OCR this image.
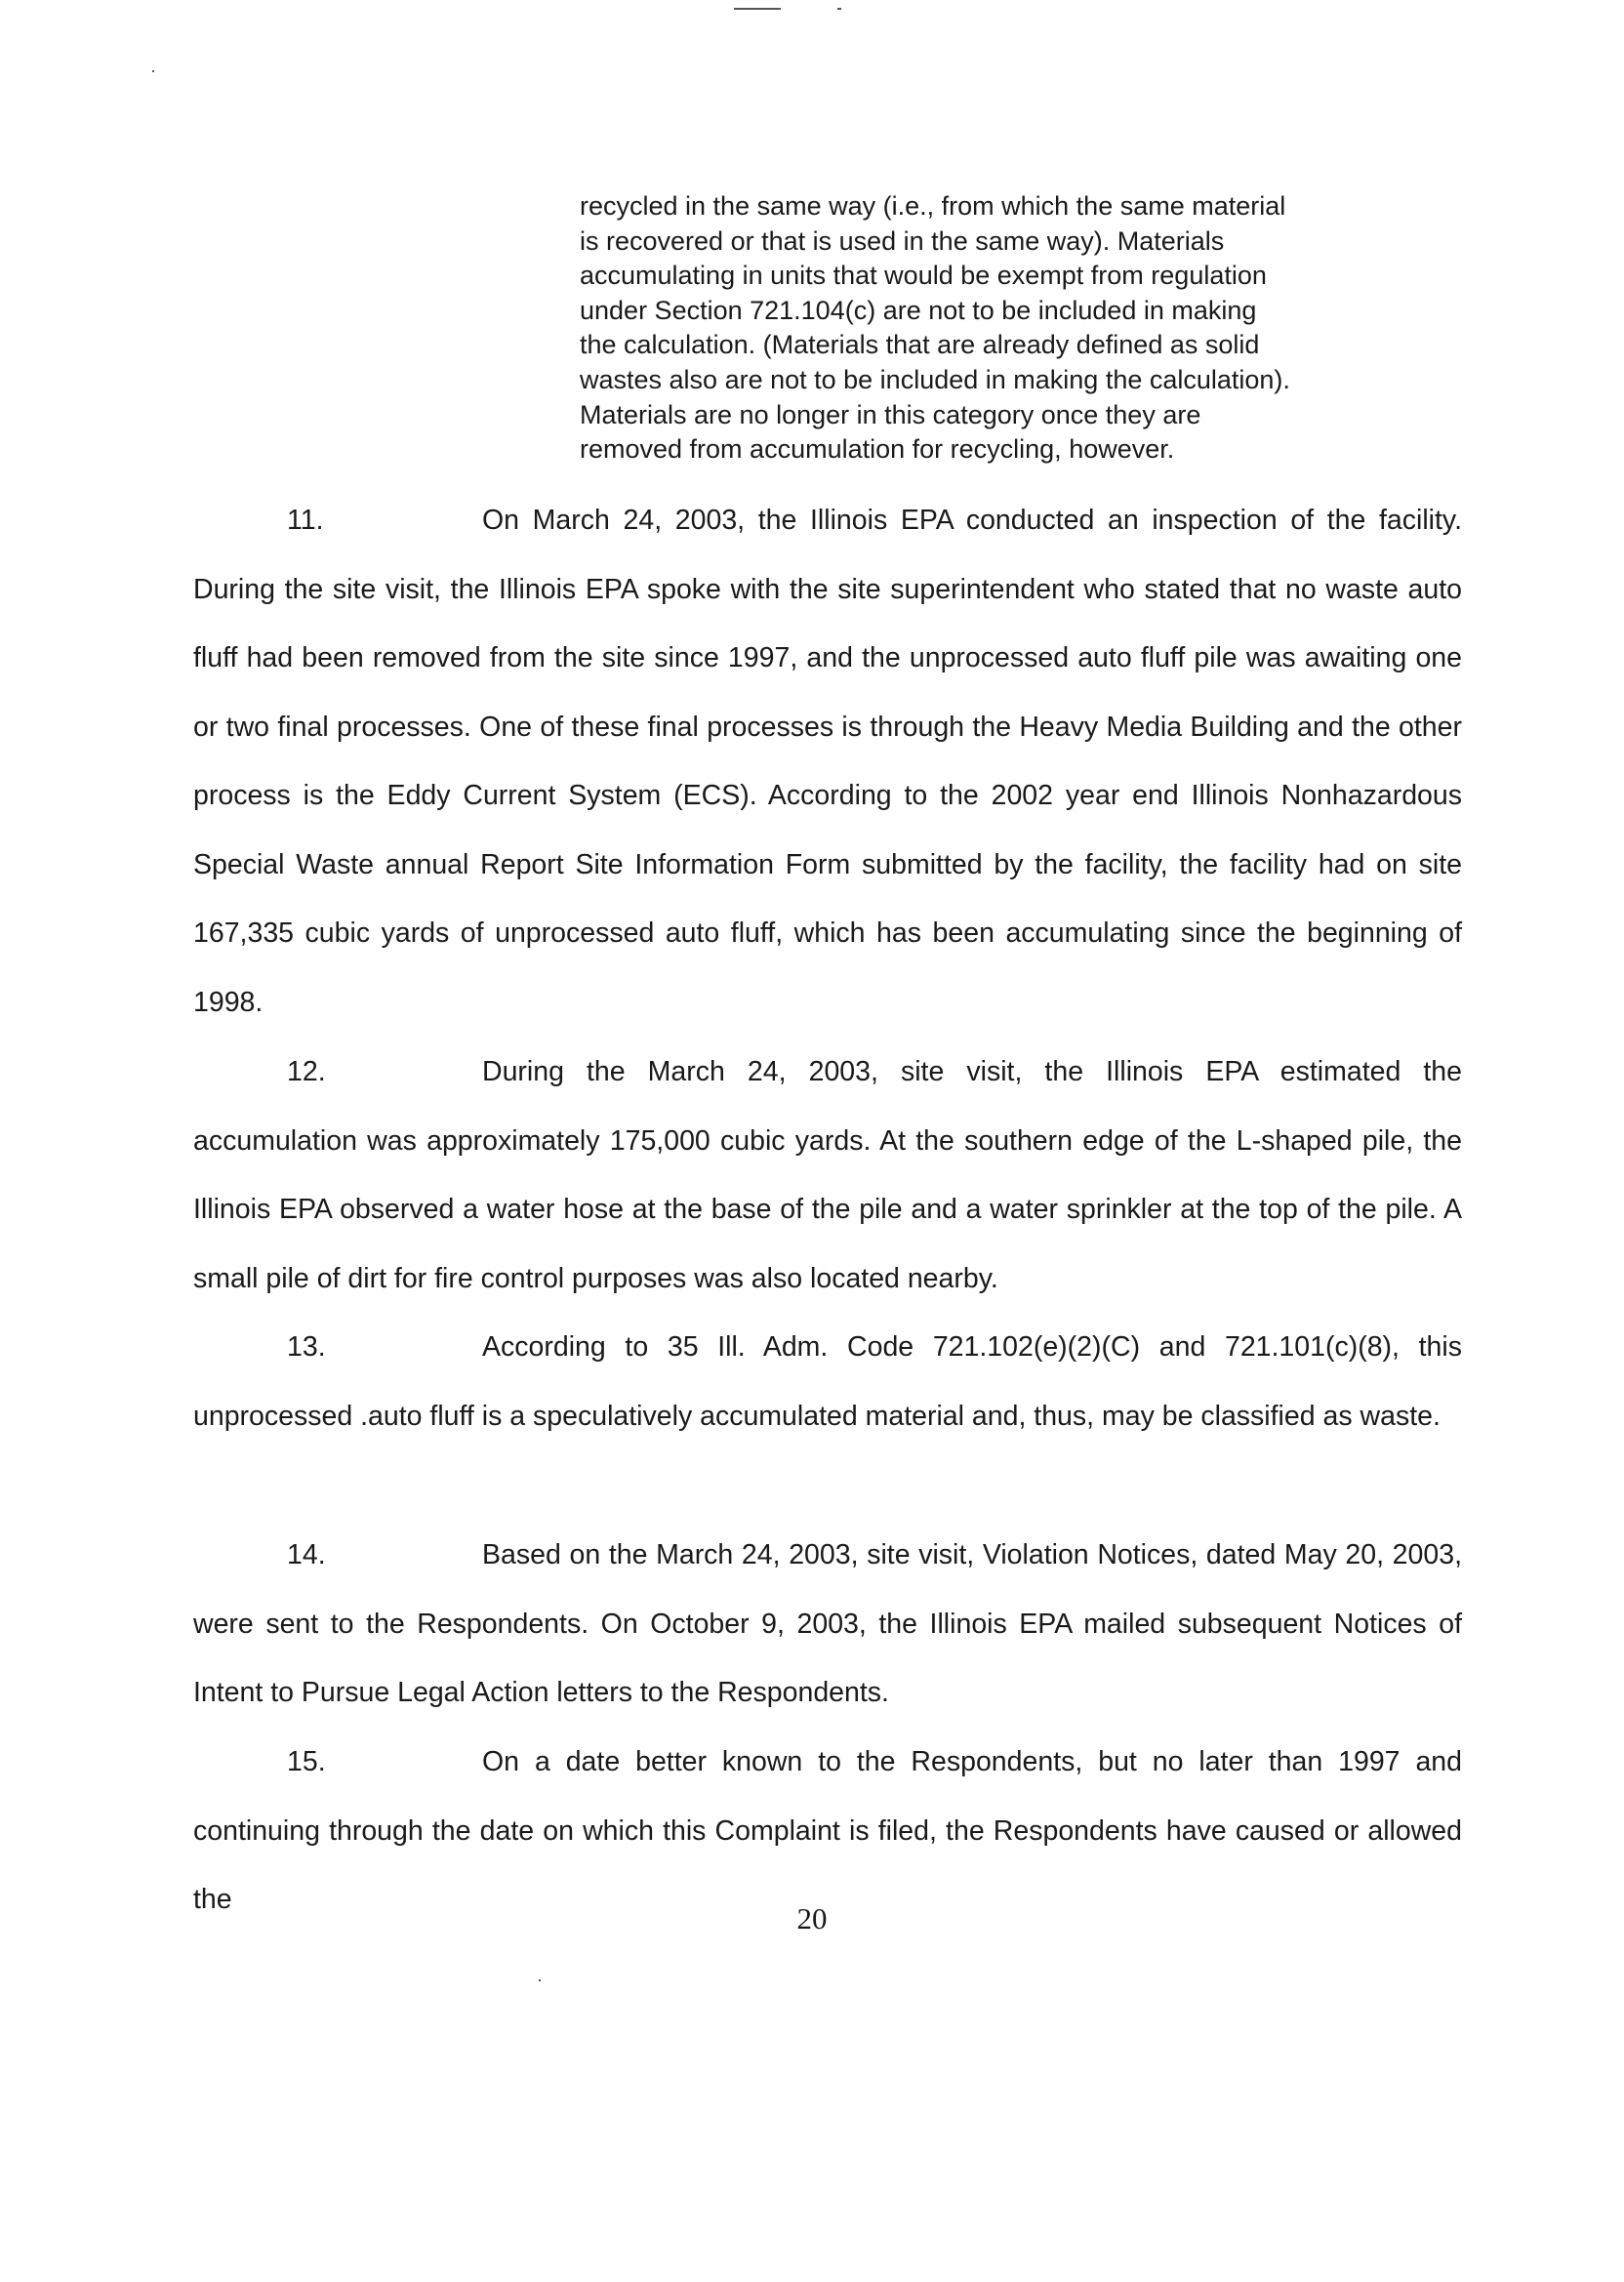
recycled in the same way (i.e., from which the same material
is recovered or that is used in the same way). Materials
accumulating in units that would be exempt from regulation
under Section 721.104(c) are not to be included in making
the calculation. (Materials that are already defined as solid
wastes also are not to be included in making the calculation).
Materials are no longer in this category once they are
removed from accumulation for recycling, however.
11.	On March 24, 2003, the Illinois EPA conducted an inspection of the facility. During the site visit, the Illinois EPA spoke with the site superintendent who stated that no waste auto fluff had been removed from the site since 1997, and the unprocessed auto fluff pile was awaiting one or two final processes. One of these final processes is through the Heavy Media Building and the other process is the Eddy Current System (ECS). According to the 2002 year end Illinois Nonhazardous Special Waste annual Report Site Information Form submitted by the facility, the facility had on site 167,335 cubic yards of unprocessed auto fluff, which has been accumulating since the beginning of 1998.
12.	During the March 24, 2003, site visit, the Illinois EPA estimated the accumulation was approximately 175,000 cubic yards. At the southern edge of the L-shaped pile, the Illinois EPA observed a water hose at the base of the pile and a water sprinkler at the top of the pile. A small pile of dirt for fire control purposes was also located nearby.
13.	According to 35 Ill. Adm. Code 721.102(e)(2)(C) and 721.101(c)(8), this unprocessed .auto fluff is a speculatively accumulated material and, thus, may be classified as waste.
14.	Based on the March 24, 2003, site visit, Violation Notices, dated May 20, 2003, were sent to the Respondents. On October 9, 2003, the Illinois EPA mailed subsequent Notices of Intent to Pursue Legal Action letters to the Respondents.
15.	On a date better known to the Respondents, but no later than 1997 and continuing through the date on which this Complaint is filed, the Respondents have caused or allowed the
20
